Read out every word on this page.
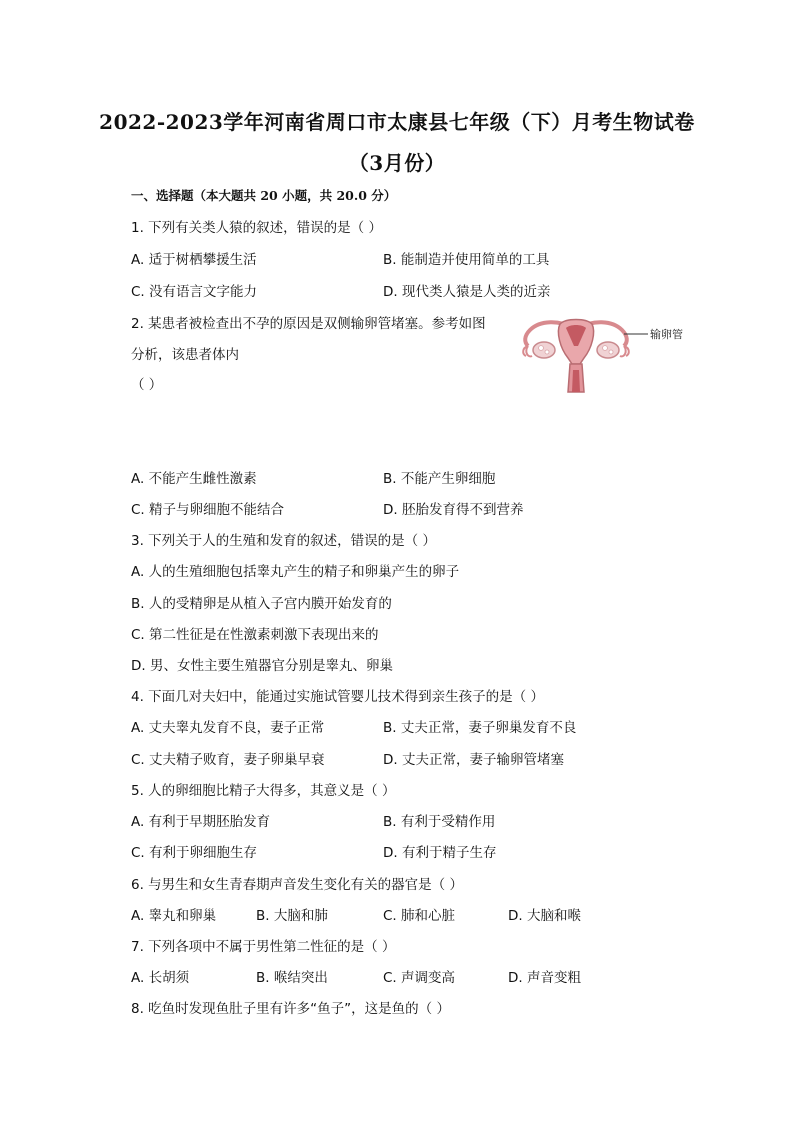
2022-2023学年河南省周口市太康县七年级（下）月考生物试卷
（3月份）
一、选择题（本大题共 20 小题，共 20.0 分）
1. 下列有关类人猿的叙述，错误的是（ ）
A. 适于树栖攀援生活	B. 能制造并使用简单的工具
C. 没有语言文字能力	D. 现代类人猿是人类的近亲
2. 某患者被检查出不孕的原因是双侧输卵管堵塞。参考如图
分析，该患者体内
（ ）
输卵管
A. 不能产生雌性激素	B. 不能产生卵细胞
C. 精子与卵细胞不能结合	D. 胚胎发育得不到营养
3. 下列关于人的生殖和发育的叙述，错误的是（ ）
A. 人的生殖细胞包括睾丸产生的精子和卵巢产生的卵子
B. 人的受精卵是从植入子宫内膜开始发育的
C. 第二性征是在性激素刺激下表现出来的
D. 男、女性主要生殖器官分别是睾丸、卵巢
4. 下面几对夫妇中，能通过实施试管婴儿技术得到亲生孩子的是（ ）
A. 丈夫睾丸发育不良，妻子正常	B. 丈夫正常，妻子卵巢发育不良
C. 丈夫精子败育，妻子卵巢早衰	D. 丈夫正常，妻子输卵管堵塞
5. 人的卵细胞比精子大得多，其意义是（ ）
A. 有利于早期胚胎发育	B. 有利于受精作用
C. 有利于卵细胞生存	D. 有利于精子生存
6. 与男生和女生青春期声音发生变化有关的器官是（ ）
A. 睾丸和卵巢	B. 大脑和肺	C. 肺和心脏	D. 大脑和喉
7. 下列各项中不属于男性第二性征的是（ ）
A. 长胡须	B. 喉结突出	C. 声调变高	D. 声音变粗
8. 吃鱼时发现鱼肚子里有许多“鱼子”，这是鱼的（ ）
